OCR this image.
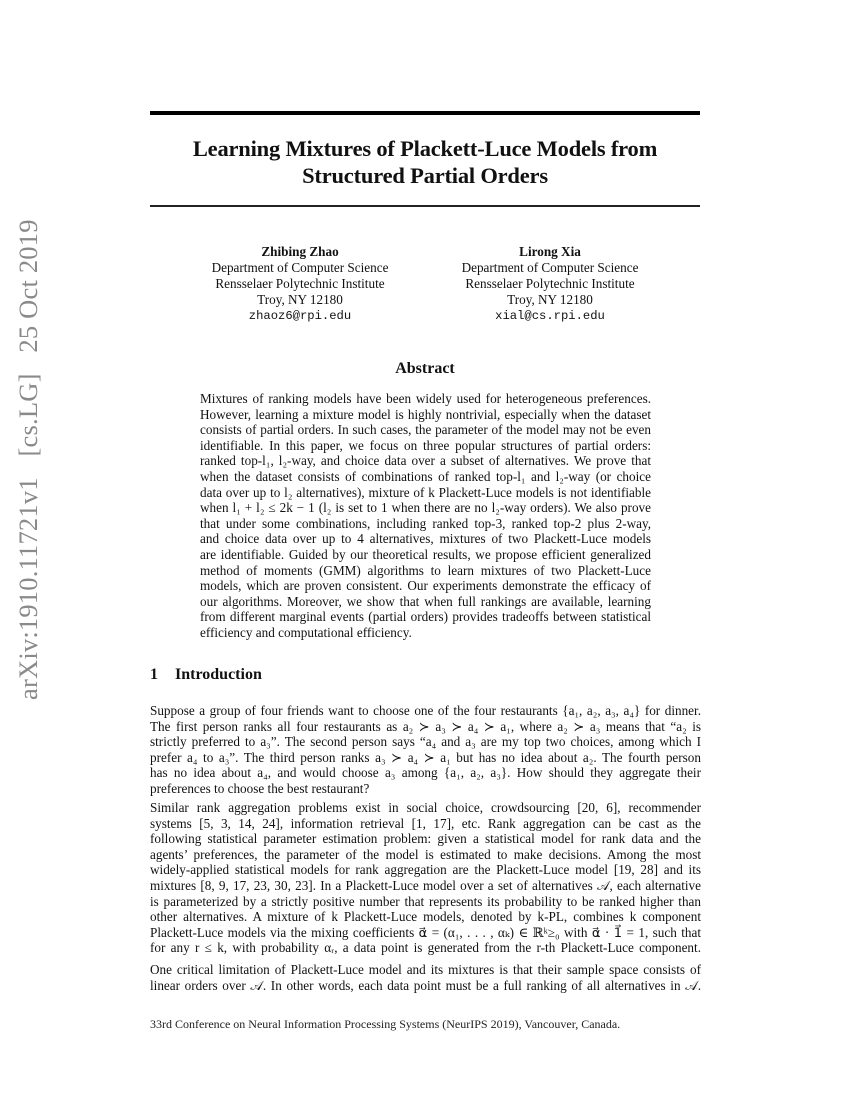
arXiv:1910.11721v1 [cs.LG] 25 Oct 2019
Learning Mixtures of Plackett-Luce Models from
Structured Partial Orders
Zhibing Zhao
Department of Computer Science
Rensselaer Polytechnic Institute
Troy, NY 12180
zhaoz6@rpi.edu
Lirong Xia
Department of Computer Science
Rensselaer Polytechnic Institute
Troy, NY 12180
xial@cs.rpi.edu
Abstract
Mixtures of ranking models have been widely used for heterogeneous preferences.
However, learning a mixture model is highly nontrivial, especially when the dataset
consists of partial orders. In such cases, the parameter of the model may not be even
identifiable. In this paper, we focus on three popular structures of partial orders:
ranked top-l₁, l₂-way, and choice data over a subset of alternatives. We prove that
when the dataset consists of combinations of ranked top-l₁ and l₂-way (or choice
data over up to l₂ alternatives), mixture of k Plackett-Luce models is not identifiable
when l₁ + l₂ ≤ 2k − 1 (l₂ is set to 1 when there are no l₂-way orders). We also prove
that under some combinations, including ranked top-3, ranked top-2 plus 2-way,
and choice data over up to 4 alternatives, mixtures of two Plackett-Luce models
are identifiable. Guided by our theoretical results, we propose efficient generalized
method of moments (GMM) algorithms to learn mixtures of two Plackett-Luce
models, which are proven consistent. Our experiments demonstrate the efficacy of
our algorithms. Moreover, we show that when full rankings are available, learning
from different marginal events (partial orders) provides tradeoffs between statistical
efficiency and computational efficiency.
1 Introduction
Suppose a group of four friends want to choose one of the four restaurants {a₁, a₂, a₃, a₄} for dinner.
The first person ranks all four restaurants as a₂ ≻ a₃ ≻ a₄ ≻ a₁, where a₂ ≻ a₃ means that “a₂ is
strictly preferred to a₃”. The second person says “a₄ and a₃ are my top two choices, among which I
prefer a₄ to a₃”. The third person ranks a₃ ≻ a₄ ≻ a₁ but has no idea about a₂. The fourth person
has no idea about a₄, and would choose a₃ among {a₁, a₂, a₃}. How should they aggregate their
preferences to choose the best restaurant?
Similar rank aggregation problems exist in social choice, crowdsourcing [20, 6], recommender
systems [5, 3, 14, 24], information retrieval [1, 17], etc. Rank aggregation can be cast as the
following statistical parameter estimation problem: given a statistical model for rank data and the
agents’ preferences, the parameter of the model is estimated to make decisions. Among the most
widely-applied statistical models for rank aggregation are the Plackett-Luce model [19, 28] and its
mixtures [8, 9, 17, 23, 30, 23]. In a Plackett-Luce model over a set of alternatives 𝒜, each alternative
is parameterized by a strictly positive number that represents its probability to be ranked higher than
other alternatives. A mixture of k Plackett-Luce models, denoted by k-PL, combines k component
Plackett-Luce models via the mixing coefficients α⃗ = (α₁, . . . , αₖ) ∈ ℝᵏ≥₀ with α⃗ · 1⃗ = 1, such that
for any r ≤ k, with probability αᵣ, a data point is generated from the r-th Plackett-Luce component.
One critical limitation of Plackett-Luce model and its mixtures is that their sample space consists of
linear orders over 𝒜. In other words, each data point must be a full ranking of all alternatives in 𝒜.
33rd Conference on Neural Information Processing Systems (NeurIPS 2019), Vancouver, Canada.
